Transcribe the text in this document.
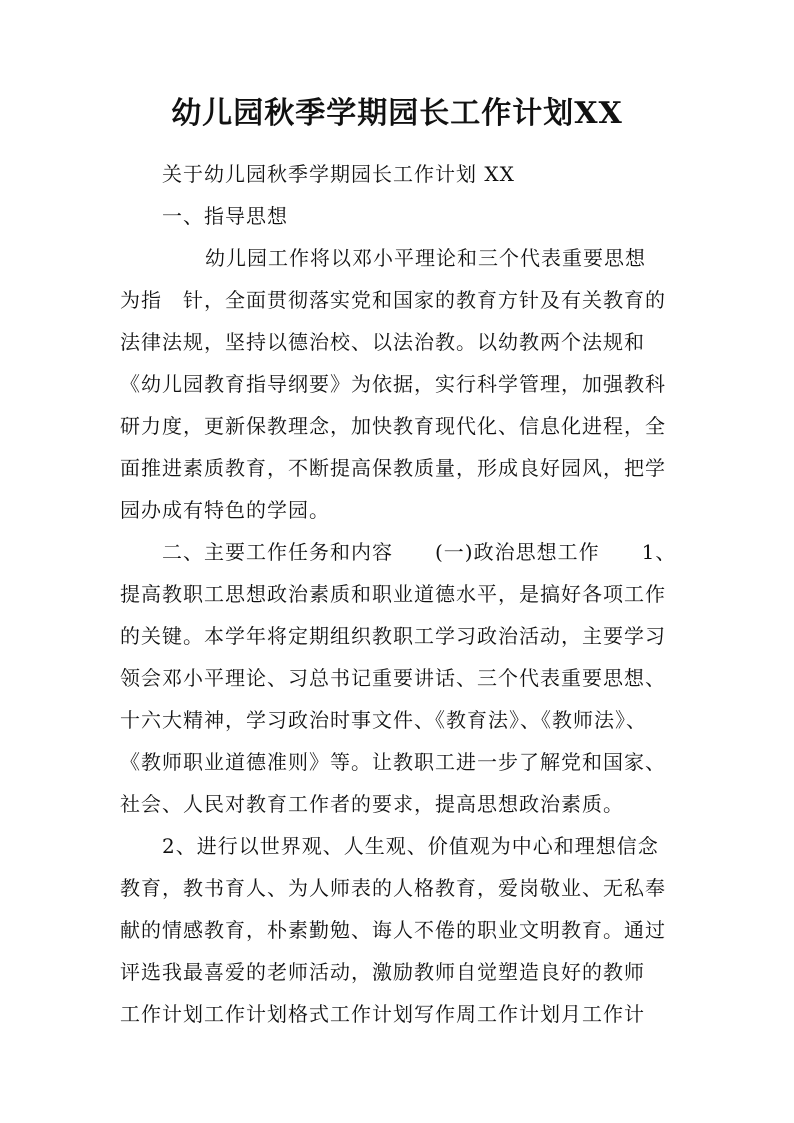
幼儿园秋季学期园长工作计划XX
关于幼儿园秋季学期园长工作计划 XX
一、指导思想
幼儿园工作将以邓小平理论和三个代表重要思想
为指　针，全面贯彻落实党和国家的教育方针及有关教育的
法律法规，坚持以德治校、以法治教。以幼教两个法规和
《幼儿园教育指导纲要》为依据，实行科学管理，加强教科
研力度，更新保教理念，加快教育现代化、信息化进程，全
面推进素质教育，不断提高保教质量，形成良好园风，把学
园办成有特色的学园。
二、主要工作任务和内容　　(一)政治思想工作　　1、
提高教职工思想政治素质和职业道德水平，是搞好各项工作
的关键。本学年将定期组织教职工学习政治活动，主要学习
领会邓小平理论、习总书记重要讲话、三个代表重要思想、
十六大精神，学习政治时事文件、《教育法》、《教师法》、
《教师职业道德准则》等。让教职工进一步了解党和国家、
社会、人民对教育工作者的要求，提高思想政治素质。
2、进行以世界观、人生观、价值观为中心和理想信念
教育，教书育人、为人师表的人格教育，爱岗敬业、无私奉
献的情感教育，朴素勤勉、诲人不倦的职业文明教育。通过
评选我最喜爱的老师活动，激励教师自觉塑造良好的教师
工作计划工作计划格式工作计划写作周工作计划月工作计
